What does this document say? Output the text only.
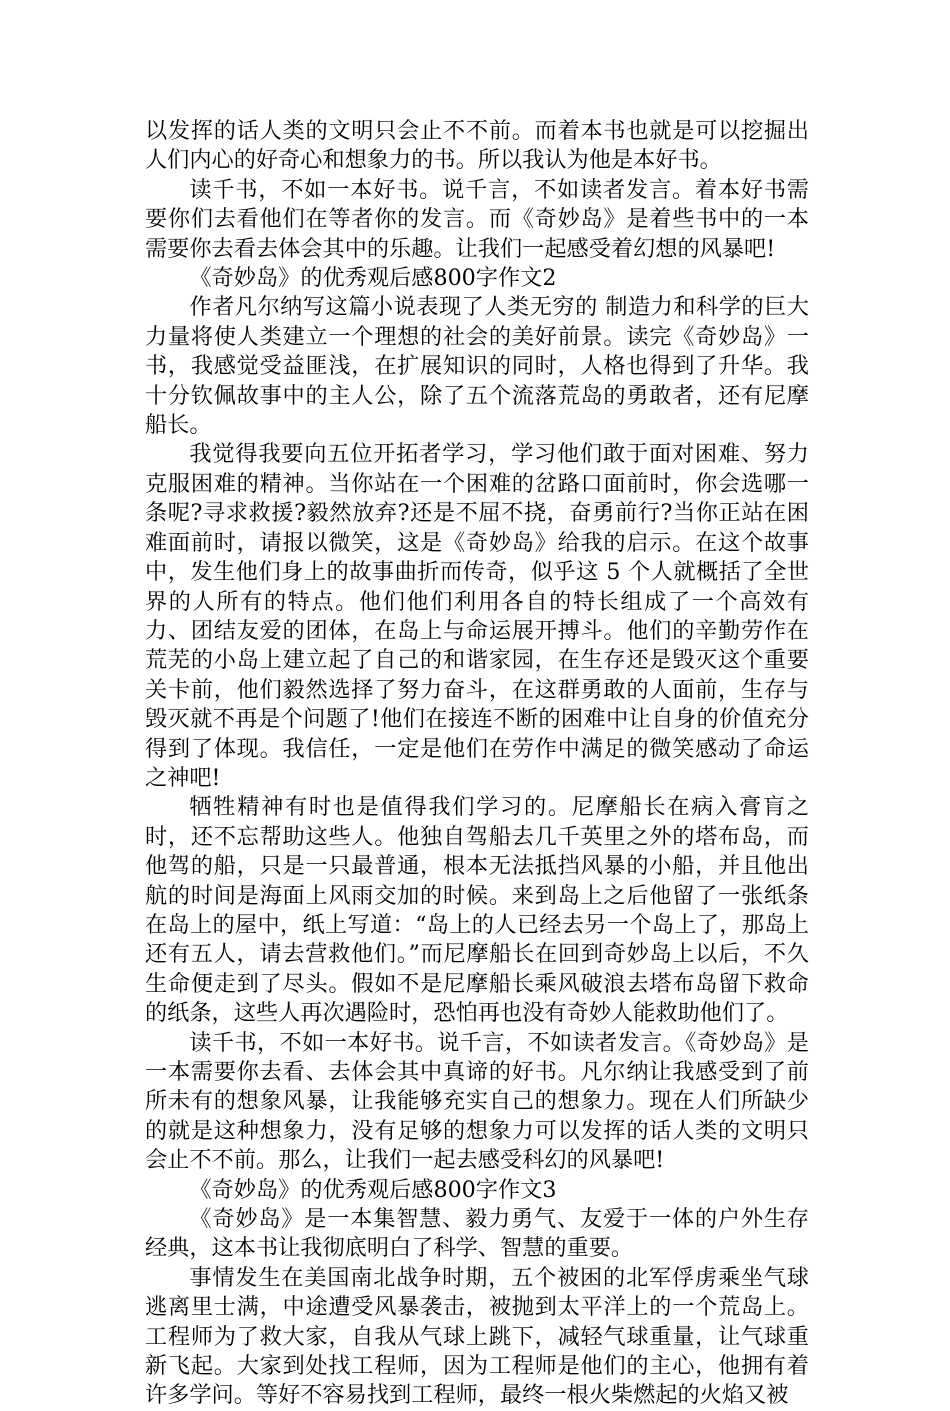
以发挥的话人类的文明只会止不不前。而着本书也就是可以挖掘出人们内心的好奇心和想象力的书。所以我认为他是本好书。

读千书，不如一本好书。说千言，不如读者发言。着本好书需要你们去看他们在等者你的发言。而《奇妙岛》是着些书中的一本需要你去看去体会其中的乐趣。让我们一起感受着幻想的风暴吧!

《奇妙岛》的优秀观后感800字作文2

作者凡尔纳写这篇小说表现了人类无穷的 制造力和科学的巨大力量将使人类建立一个理想的社会的美好前景。读完《奇妙岛》一书，我感觉受益匪浅，在扩展知识的同时，人格也得到了升华。我十分钦佩故事中的主人公，除了五个流落荒岛的勇敢者，还有尼摩船长。

我觉得我要向五位开拓者学习，学习他们敢于面对困难、努力克服困难的精神。当你站在一个困难的岔路口面前时，你会选哪一条呢?寻求救援?毅然放弃?还是不屈不挠，奋勇前行?当你正站在困难面前时，请报以微笑，这是《奇妙岛》给我的启示。在这个故事中，发生他们身上的故事曲折而传奇，似乎这 5 个人就概括了全世界的人所有的特点。他们他们利用各自的特长组成了一个高效有力、团结友爱的团体，在岛上与命运展开搏斗。他们的辛勤劳作在荒芜的小岛上建立起了自己的和谐家园，在生存还是毁灭这个重要关卡前，他们毅然选择了努力奋斗，在这群勇敢的人面前，生存与毁灭就不再是个问题了!他们在接连不断的困难中让自身的价值充分得到了体现。我信任，一定是他们在劳作中满足的微笑感动了命运之神吧!

牺牲精神有时也是值得我们学习的。尼摩船长在病入膏肓之时，还不忘帮助这些人。他独自驾船去几千英里之外的塔布岛，而他驾的船，只是一只最普通，根本无法抵挡风暴的小船，并且他出航的时间是海面上风雨交加的时候。来到岛上之后他留了一张纸条在岛上的屋中，纸上写道：“岛上的人已经去另一个岛上了，那岛上还有五人，请去营救他们。”而尼摩船长在回到奇妙岛上以后，不久生命便走到了尽头。假如不是尼摩船长乘风破浪去塔布岛留下救命的纸条，这些人再次遇险时，恐怕再也没有奇妙人能救助他们了。

读千书，不如一本好书。说千言，不如读者发言。《奇妙岛》是一本需要你去看、去体会其中真谛的好书。凡尔纳让我感受到了前所未有的想象风暴，让我能够充实自己的想象力。现在人们所缺少的就是这种想象力，没有足够的想象力可以发挥的话人类的文明只会止不不前。那么，让我们一起去感受科幻的风暴吧!

《奇妙岛》的优秀观后感800字作文3

《奇妙岛》是一本集智慧、毅力勇气、友爱于一体的户外生存经典，这本书让我彻底明白了科学、智慧的重要。

事情发生在美国南北战争时期，五个被困的北军俘虏乘坐气球逃离里士满，中途遭受风暴袭击，被抛到太平洋上的一个荒岛上。工程师为了救大家，自我从气球上跳下，减轻气球重量，让气球重新飞起。大家到处找工程师，因为工程师是他们的主心，他拥有着许多学问。等好不容易找到工程师，最终一根火柴燃起的火焰又被
